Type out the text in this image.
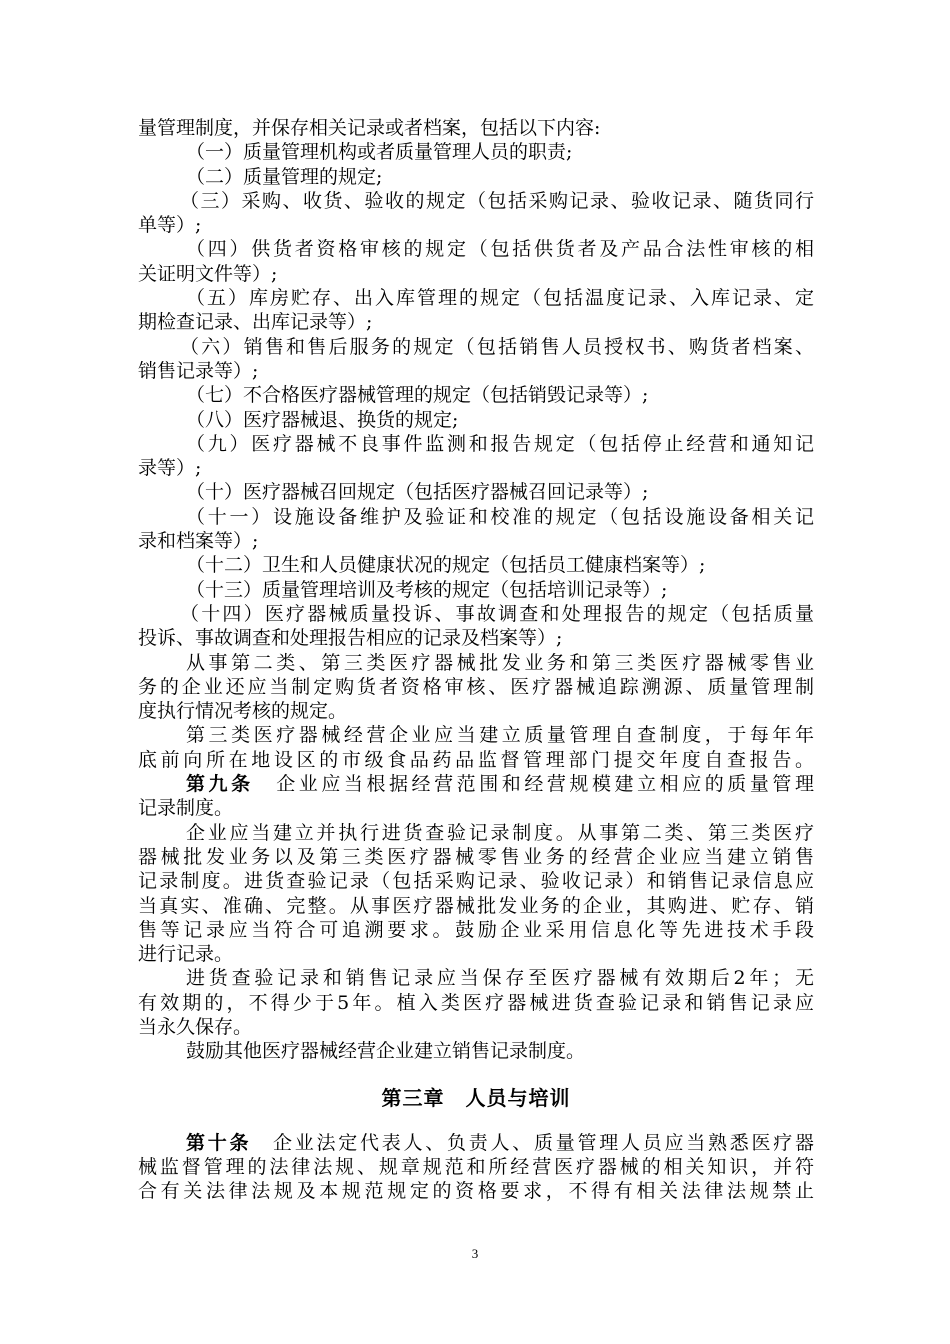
量管理制度，并保存相关记录或者档案，包括以下内容:
（一）质量管理机构或者质量管理人员的职责;
（二）质量管理的规定;
（三）采购、收货、验收的规定（包括采购记录、验收记录、随货同行
单等）;
（四）供货者资格审核的规定（包括供货者及产品合法性审核的相
关证明文件等）;
（五）库房贮存、出入库管理的规定（包括温度记录、入库记录、定
期检查记录、出库记录等）;
（六）销售和售后服务的规定（包括销售人员授权书、购货者档案、
销售记录等）;
（七）不合格医疗器械管理的规定（包括销毁记录等）;
（八）医疗器械退、换货的规定;
（九）医疗器械不良事件监测和报告规定（包括停止经营和通知记
录等）;
（十）医疗器械召回规定（包括医疗器械召回记录等）;
（十一）设施设备维护及验证和校准的规定（包括设施设备相关记
录和档案等）;
（十二）卫生和人员健康状况的规定（包括员工健康档案等）;
（十三）质量管理培训及考核的规定（包括培训记录等）;
（十四）医疗器械质量投诉、事故调查和处理报告的规定（包括质量
投诉、事故调查和处理报告相应的记录及档案等）;
从事第二类、第三类医疗器械批发业务和第三类医疗器械零售业
务的企业还应当制定购货者资格审核、医疗器械追踪溯源、质量管理制
度执行情况考核的规定。
第三类医疗器械经营企业应当建立质量管理自查制度，于每年年
底前向所在地设区的市级食品药品监督管理部门提交年度自查报告。
第九条　 企业应当根据经营范围和经营规模建立相应的质量管理
记录制度。
企业应当建立并执行进货查验记录制度。从事第二类、第三类医疗
器械批发业务以及第三类医疗器械零售业务的经营企业应当建立销售
记录制度。进货查验记录（包括采购记录、验收记录）和销售记录信息应
当真实、准确、完整。从事医疗器械批发业务的企业，其购进、贮存、销
售等记录应当符合可追溯要求。鼓励企业采用信息化等先进技术手段
进行记录。
进货查验记录和销售记录应当保存至医疗器械有效期后2年；无
有效期的，不得少于5年。植入类医疗器械进货查验记录和销售记录应
当永久保存。
鼓励其他医疗器械经营企业建立销售记录制度。
第三章　人员与培训
第十条　 企业法定代表人、负责人、质量管理人员应当熟悉医疗器
械监督管理的法律法规、规章规范和所经营医疗器械的相关知识，并符
合有关法律法规及本规范规定的资格要求，不得有相关法律法规禁止
3
